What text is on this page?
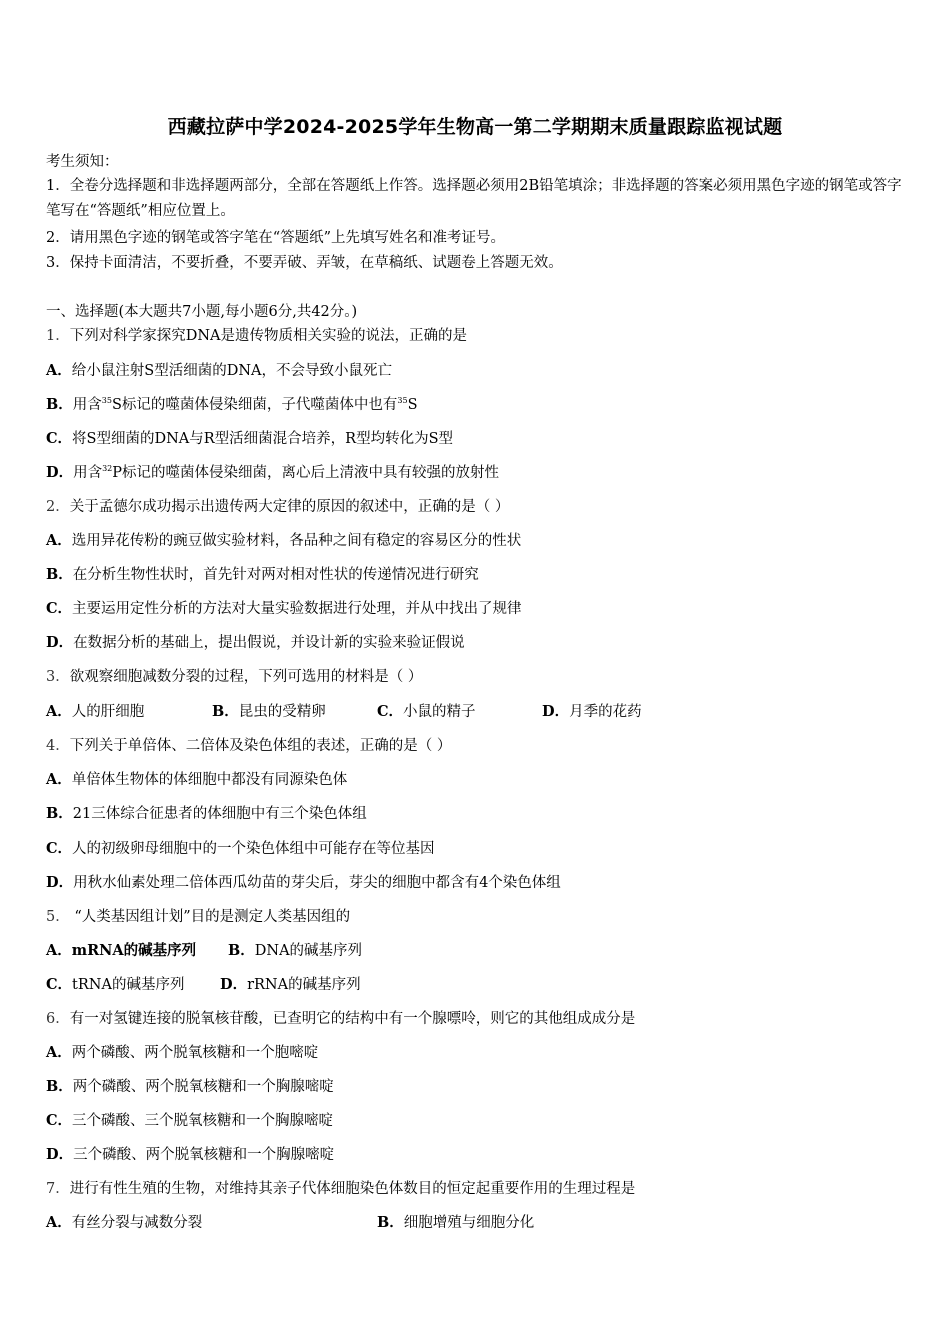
西藏拉萨中学2024-2025学年生物高一第二学期期末质量跟踪监视试题
考生须知：
1．全卷分选择题和非选择题两部分，全部在答题纸上作答。选择题必须用2B铅笔填涂；非选择题的答案必须用黑色字迹的钢笔或答字笔写在“答题纸”相应位置上。
2．请用黑色字迹的钢笔或答字笔在“答题纸”上先填写姓名和准考证号。
3．保持卡面清洁，不要折叠，不要弄破、弄皱，在草稿纸、试题卷上答题无效。
一、选择题(本大题共7小题,每小题6分,共42分。)
1．下列对科学家探究DNA是遗传物质相关实验的说法，正确的是
A．给小鼠注射S型活细菌的DNA，不会导致小鼠死亡
B．用含$^{35}$S标记的噬菌体侵染细菌，子代噬菌体中也有$^{35}$S
C．将S型细菌的DNA与R型活细菌混合培养，R型均转化为S型
D．用含$^{32}$P标记的噬菌体侵染细菌，离心后上清液中具有较强的放射性
2．关于孟德尔成功揭示出遗传两大定律的原因的叙述中，正确的是（ ）
A．选用异花传粉的豌豆做实验材料，各品种之间有稳定的容易区分的性状
B．在分析生物性状时，首先针对两对相对性状的传递情况进行研究
C．主要运用定性分析的方法对大量实验数据进行处理，并从中找出了规律
D．在数据分析的基础上，提出假说，并设计新的实验来验证假说
3．欲观察细胞减数分裂的过程，下列可选用的材料是（ ）
A．人的肝细胞	B．昆虫的受精卵	C．小鼠的精子	D．月季的花药
4．下列关于单倍体、二倍体及染色体组的表述，正确的是（ ）
A．单倍体生物体的体细胞中都没有同源染色体
B．21三体综合征患者的体细胞中有三个染色体组
C．人的初级卵母细胞中的一个染色体组中可能存在等位基因
D．用秋水仙素处理二倍体西瓜幼苗的芽尖后，芽尖的细胞中都含有4个染色体组
5． “人类基因组计划”目的是测定人类基因组的
A．mRNA的碱基序列 B．DNA的碱基序列
C．tRNA的碱基序列 D．rRNA的碱基序列
6．有一对氢键连接的脱氧核苷酸，已查明它的结构中有一个腺嘌呤，则它的其他组成成分是
A．两个磷酸、两个脱氧核糖和一个胞嘧啶
B．两个磷酸、两个脱氧核糖和一个胸腺嘧啶
C．三个磷酸、三个脱氧核糖和一个胸腺嘧啶
D．三个磷酸、两个脱氧核糖和一个胸腺嘧啶
7．进行有性生殖的生物，对维持其亲子代体细胞染色体数目的恒定起重要作用的生理过程是
A．有丝分裂与减数分裂	B．细胞增殖与细胞分化
